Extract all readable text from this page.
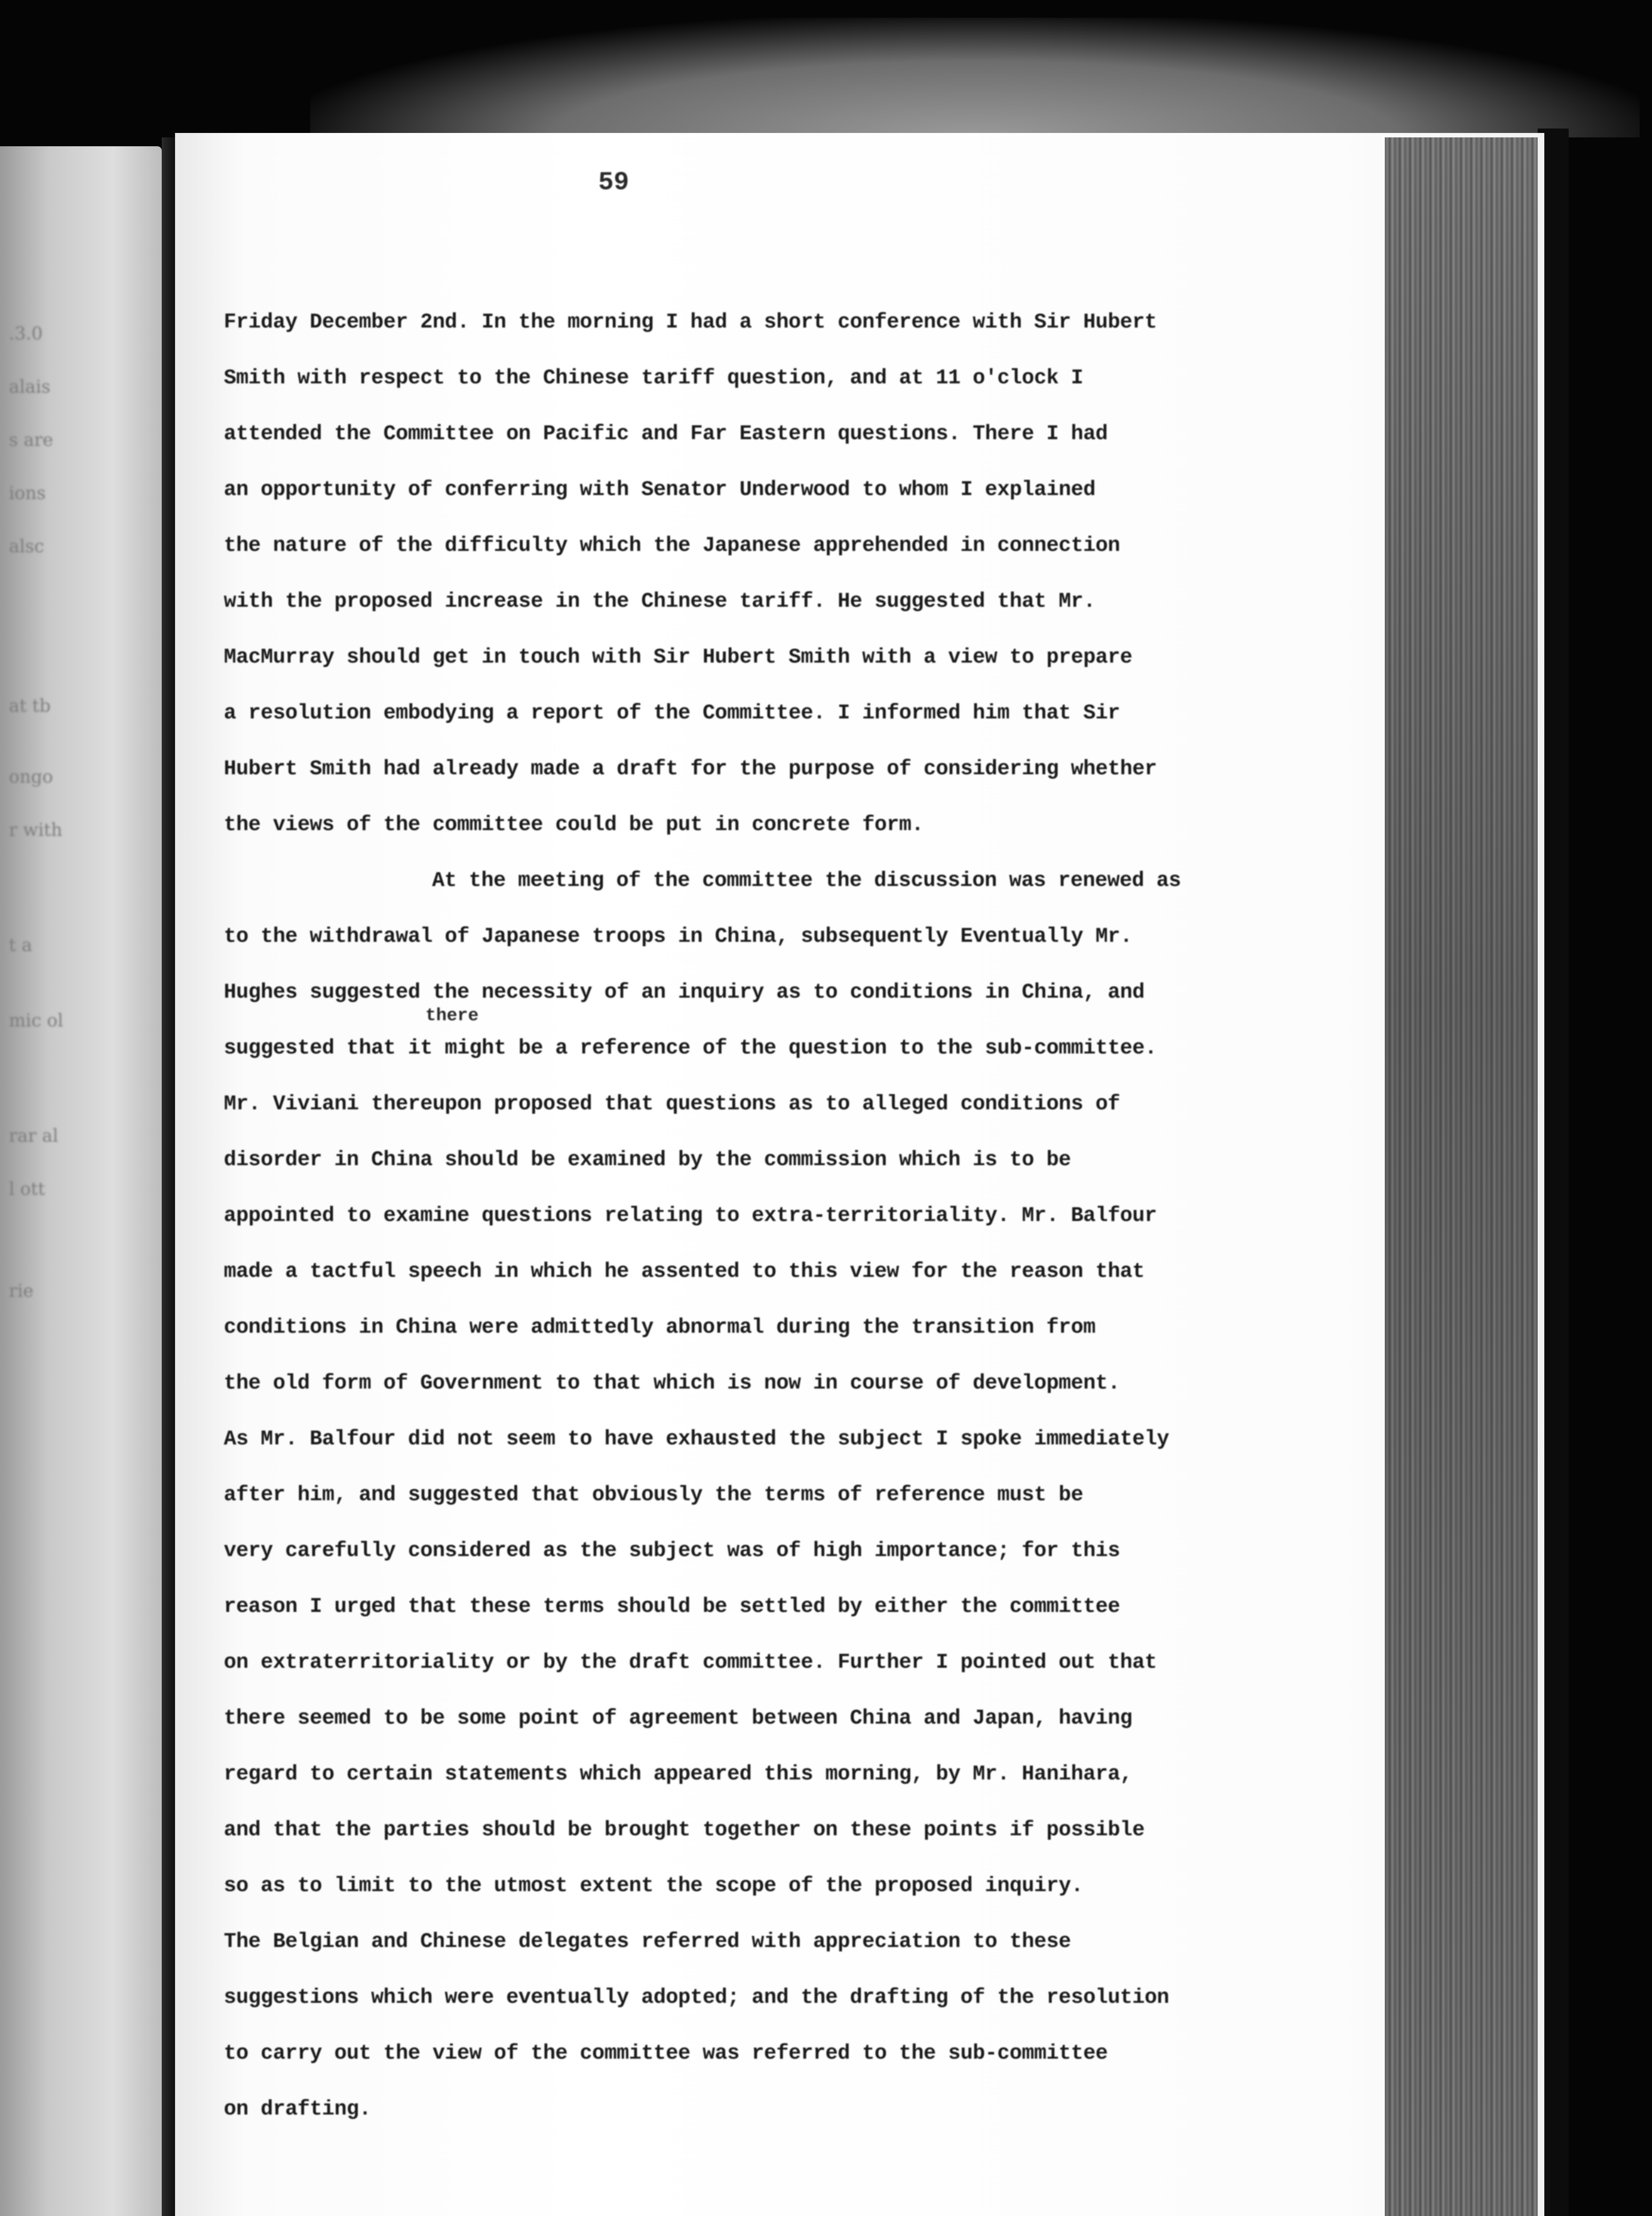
.3.0
alais
s are
ions
alsc
at tb
ongo
r with
t a
mic ol
rar al
l ott
rie
59
Friday December 2nd. In the morning I had a short conference with Sir Hubert
Smith with respect to the Chinese tariff question, and at 11 o'clock I
attended the Committee on Pacific and Far Eastern questions. There I had
an opportunity of conferring with Senator Underwood to whom I explained
the nature of the difficulty which the Japanese apprehended in connection
with the proposed increase in the Chinese tariff. He suggested that Mr.
MacMurray should get in touch with Sir Hubert Smith with a view to prepare
a resolution embodying a report of the Committee. I informed him that Sir
Hubert Smith had already made a draft for the purpose of considering whether
the views of the committee could be put in concrete form.
At the meeting of the committee the discussion was renewed as
to the withdrawal of Japanese troops in China, subsequently Eventually Mr.
Hughes suggested the necessity of an inquiry as to conditions in China, and
suggested that it might be a reference of the question to the sub-committee.
Mr. Viviani thereupon proposed that questions as to alleged conditions of
disorder in China should be examined by the commission which is to be
appointed to examine questions relating to extra-territoriality. Mr. Balfour
made a tactful speech in which he assented to this view for the reason that
conditions in China were admittedly abnormal during the transition from
the old form of Government to that which is now in course of development.
As Mr. Balfour did not seem to have exhausted the subject I spoke immediately
after him, and suggested that obviously the terms of reference must be
very carefully considered as the subject was of high importance; for this
reason I urged that these terms should be settled by either the committee
on extraterritoriality or by the draft committee. Further I pointed out that
there seemed to be some point of agreement between China and Japan, having
regard to certain statements which appeared this morning, by Mr. Hanihara,
and that the parties should be brought together on these points if possible
so as to limit to the utmost extent the scope of the proposed inquiry.
The Belgian and Chinese delegates referred with appreciation to these
suggestions which were eventually adopted; and the drafting of the resolution
to carry out the view of the committee was referred to the sub-committee
on drafting.
there
